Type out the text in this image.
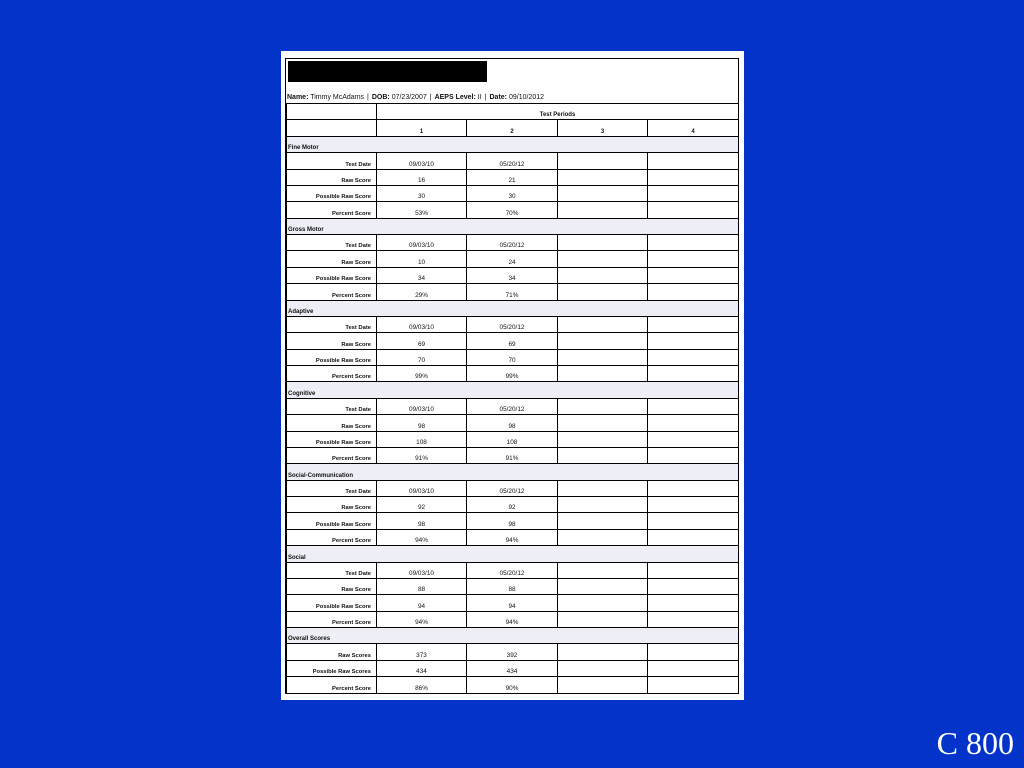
Name: Timmy McAdams | DOB: 07/23/2007 | AEPS Level: II | Date: 09/10/2012
	Test Periods			
	1	2	3	4
Fine Motor				
Test Date	09/03/10	05/20/12		
Raw Score	16	21		
Possible Raw Score	30	30		
Percent Score	53%	70%		
Gross Motor				
Test Date	09/03/10	05/20/12		
Raw Score	10	24		
Possible Raw Score	34	34		
Percent Score	29%	71%		
Adaptive				
Test Date	09/03/10	05/20/12		
Raw Score	69	69		
Possible Raw Score	70	70		
Percent Score	99%	99%		
Cognitive				
Test Date	09/03/10	05/20/12		
Raw Score	98	98		
Possible Raw Score	108	108		
Percent Score	91%	91%		
Social-Communication				
Test Date	09/03/10	05/20/12		
Raw Score	92	92		
Possible Raw Score	98	98		
Percent Score	94%	94%		
Social				
Test Date	09/03/10	05/20/12		
Raw Score	88	88		
Possible Raw Score	94	94		
Percent Score	94%	94%		
Overall Scores				
Raw Scores	373	392		
Possible Raw Scores	434	434		
Percent Score	86%	90%		
C 800
